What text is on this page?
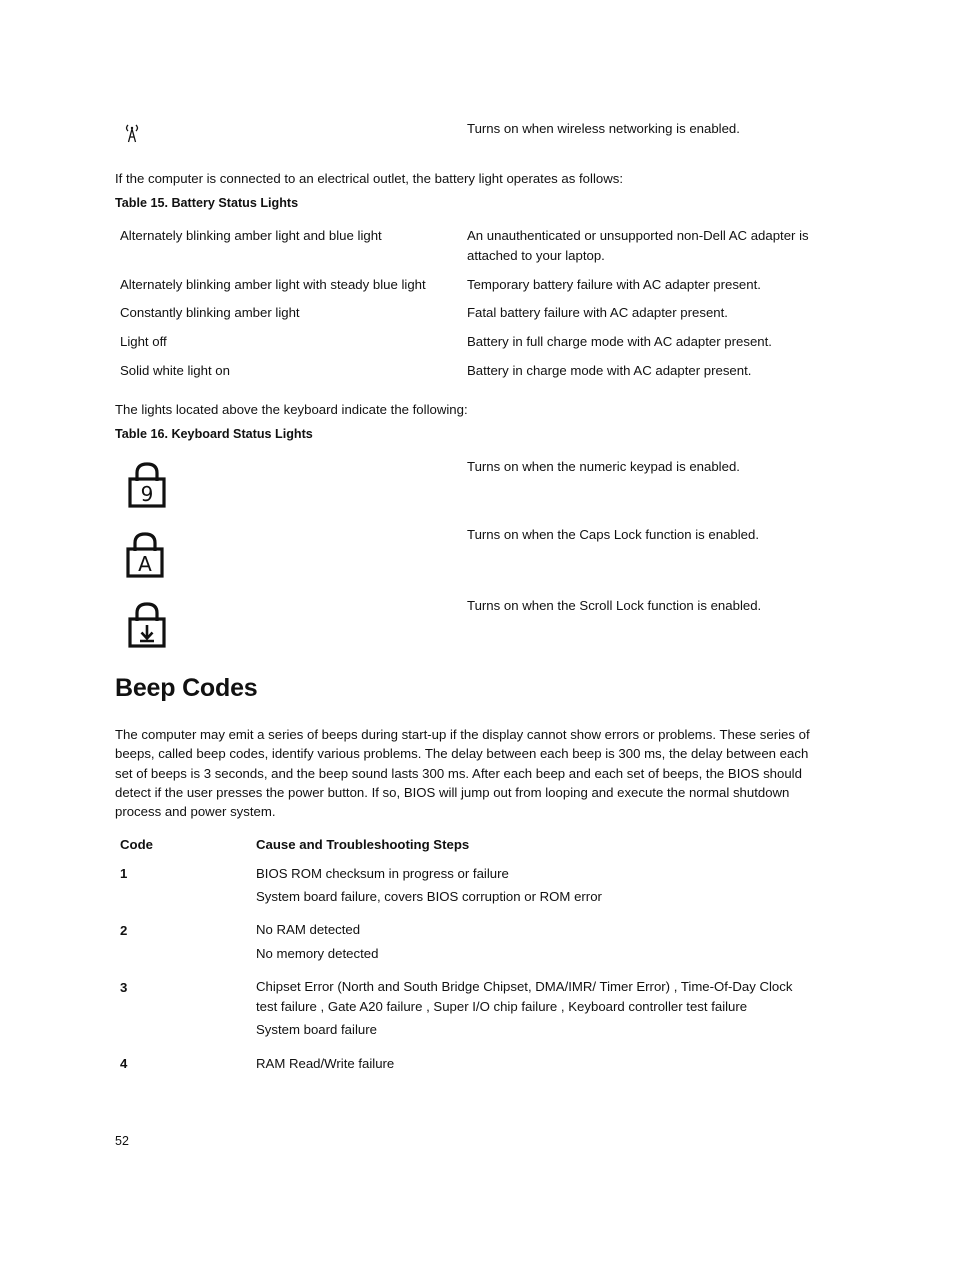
Turns on when wireless networking is enabled.
If the computer is connected to an electrical outlet, the battery light operates as follows:
Table 15. Battery Status Lights
Alternately blinking amber light and blue light	An unauthenticated or unsupported non-Dell AC adapter is attached to your laptop.
Alternately blinking amber light with steady blue light	Temporary battery failure with AC adapter present.
Constantly blinking amber light	Fatal battery failure with AC adapter present.
Light off	Battery in full charge mode with AC adapter present.
Solid white light on	Battery in charge mode with AC adapter present.
The lights located above the keyboard indicate the following:
Table 16. Keyboard Status Lights
9
Turns on when the numeric keypad is enabled.
A
Turns on when the Caps Lock function is enabled.
Turns on when the Scroll Lock function is enabled.
Beep Codes

The computer may emit a series of beeps during start-up if the display cannot show errors or problems. These series of beeps, called beep codes, identify various problems. The delay between each beep is 300 ms, the delay between each set of beeps is 3 seconds, and the beep sound lasts 300 ms. After each beep and each set of beeps, the BIOS should detect if the user presses the power button. If so, BIOS will jump out from looping and execute the normal shutdown process and power system.

Code	Cause and Troubleshooting Steps
1	BIOS ROM checksum in progress or failure
System board failure, covers BIOS corruption or ROM error
2	No RAM detected
No memory detected
3	Chipset Error (North and South Bridge Chipset, DMA/IMR/ Timer Error) , Time-Of-Day Clock test failure , Gate A20 failure , Super I/O chip failure , Keyboard controller test failure
System board failure
4	RAM Read/Write failure
52
